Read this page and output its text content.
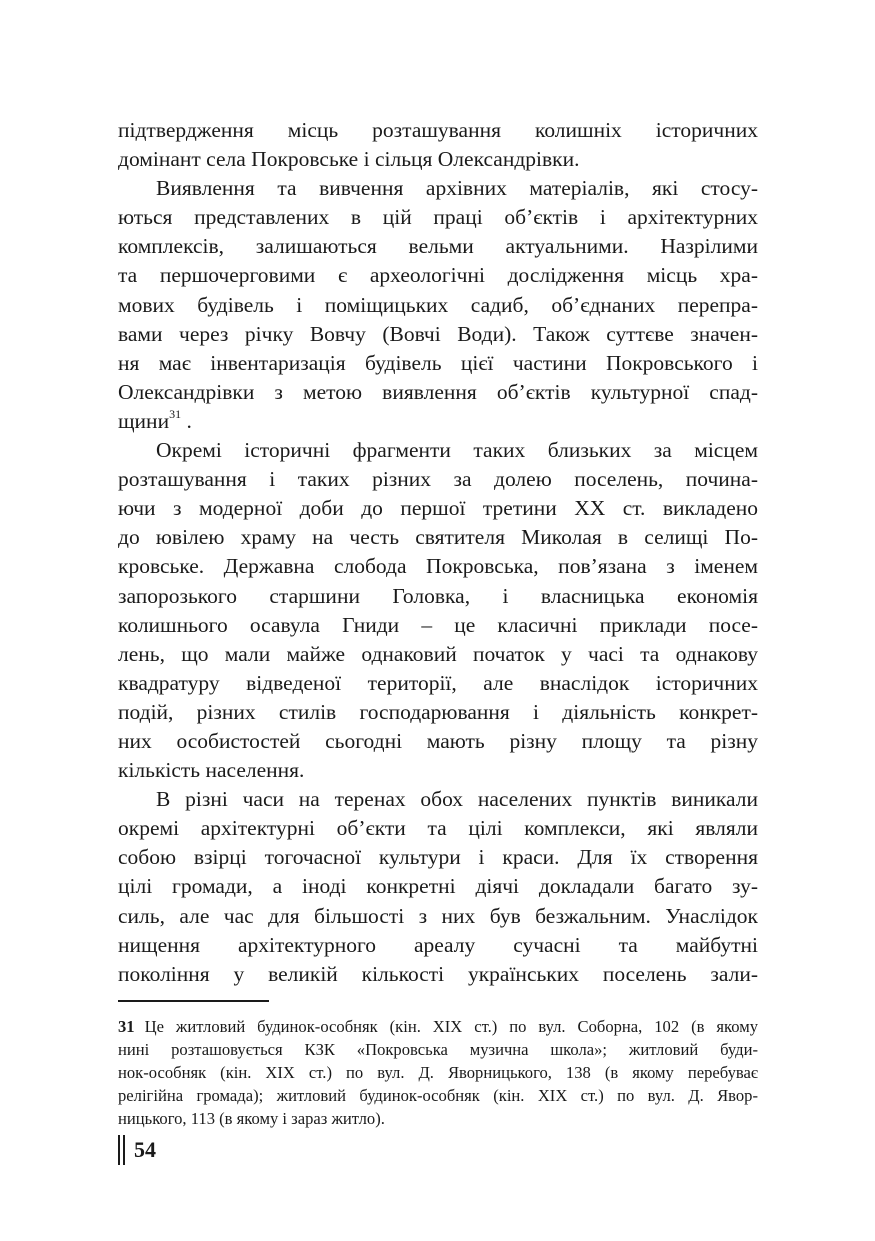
підтвердження місць розташування колишніх історичних
домінант села Покровське і сільця Олександрівки.
Виявлення та вивчення архівних матеріалів, які стосу-
ються представлених в цій праці об’єктів і архітектурних
комплексів, залишаються вельми актуальними. Назрілими
та першочерговими є археологічні дослідження місць хра-
мових будівель і поміщицьких садиб, об’єднаних перепра-
вами через річку Вовчу (Вовчі Води). Також суттєве значен-
ня має інвентаризація будівель цієї частини Покровського і
Олександрівки з метою виявлення об’єктів культурної спад-
щини$^{31}$ .
Окремі історичні фрагменти таких близьких за місцем
розташування і таких різних за долею поселень, почина-
ючи з модерної доби до першої третини XX ст. викладено
до ювілею храму на честь святителя Миколая в селищі По-
кровське. Державна слобода Покровська, пов’язана з іменем
запорозького старшини Головка, і власницька економія
колишнього осавула Гниди – це класичні приклади посе-
лень, що мали майже однаковий початок у часі та однакову
квадратуру відведеної території, але внаслідок історичних
подій, різних стилів господарювання і діяльність конкрет-
них особистостей сьогодні мають різну площу та різну
кількість населення.
В різні часи на теренах обох населених пунктів виникали
окремі архітектурні об’єкти та цілі комплекси, які являли
собою взірці тогочасної культури і краси. Для їх створення
цілі громади, а іноді конкретні діячі докладали багато зу-
силь, але час для більшості з них був безжальним. Унаслідок
нищення архітектурного ареалу сучасні та майбутні
покоління у великій кількості українських поселень зали-
31 Це житловий будинок-особняк (кін. XIX ст.) по вул. Соборна, 102 (в якому
нині розташовується КЗК «Покровська музична школа»; житловий буди-
нок-особняк (кін. XIX ст.) по вул. Д. Яворницького, 138 (в якому перебуває
релігійна громада); житловий будинок-особняк (кін. XIX ст.) по вул. Д. Явор-
ницького, 113 (в якому і зараз житло).
54
